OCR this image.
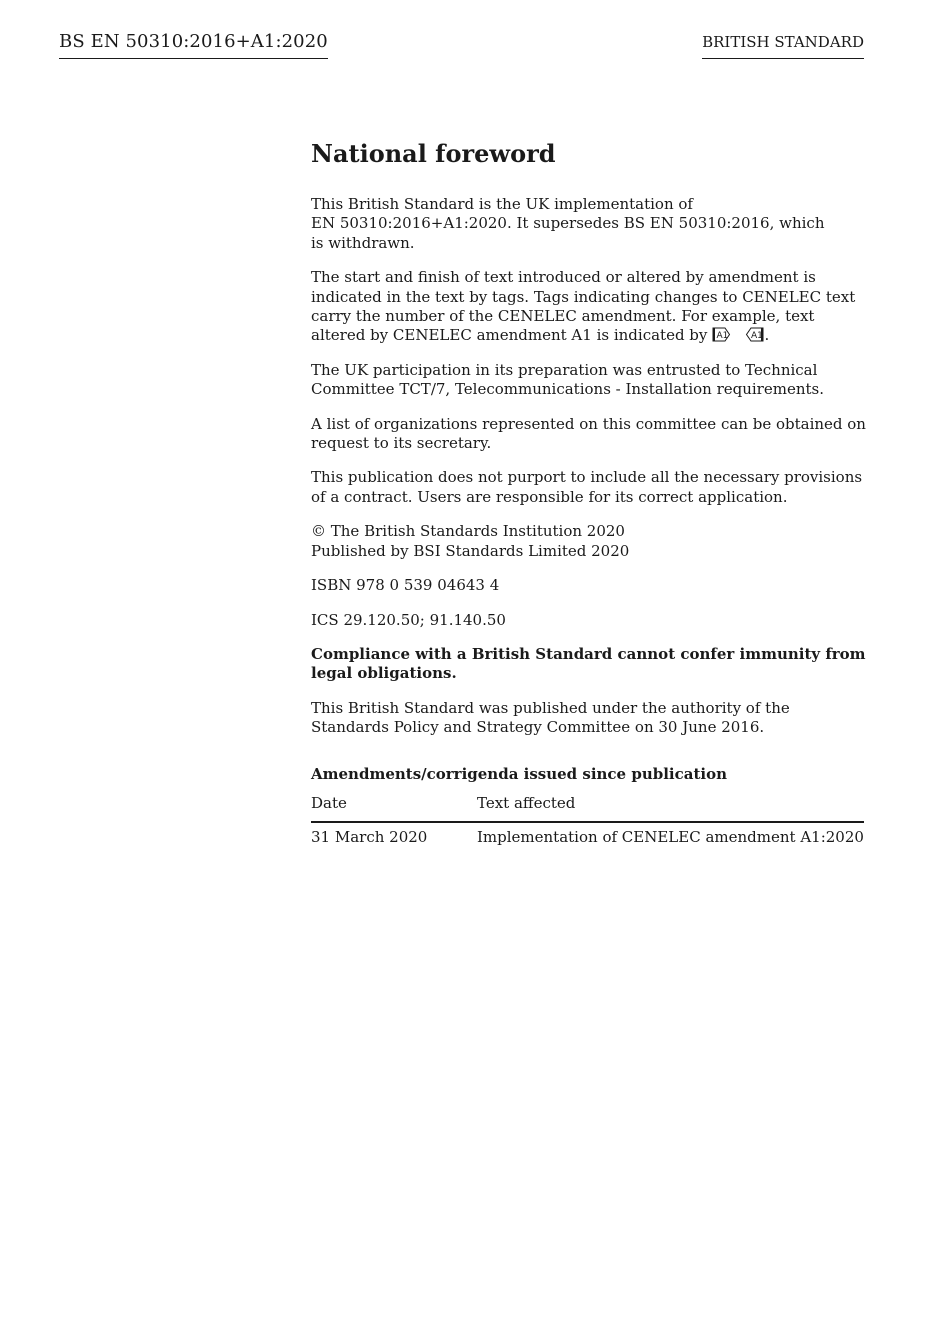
BS EN 50310:2016+A1:2020	BRITISH STANDARD
National foreword

This British Standard is the UK implementation of
EN 50310:2016+A1:2020. It supersedes BS EN 50310:2016, which
is withdrawn.

The start and finish of text introduced or altered by amendment is indicated in the text by tags. Tags indicating changes to CENELEC text carry the number of the CENELEC amendment. For example, text altered by CENELEC amendment A1 is indicated by A1
	A1 .

The UK participation in its preparation was entrusted to Technical Committee TCT/7, Telecommunications - Installation requirements.

A list of organizations represented on this committee can be obtained on request to its secretary.

This publication does not purport to include all the necessary provisions of a contract. Users are responsible for its correct application.

© The British Standards Institution 2020
Published by BSI Standards Limited 2020

ISBN 978 0 539 04643 4

ICS 29.120.50; 91.140.50

Compliance with a British Standard cannot confer immunity from legal obligations.

This British Standard was published under the authority of the Standards Policy and Strategy Committee on 30 June 2016.

Amendments/corrigenda issued since publication
Date	Text affected
31 March 2020	Implementation of CENELEC amendment A1:2020
